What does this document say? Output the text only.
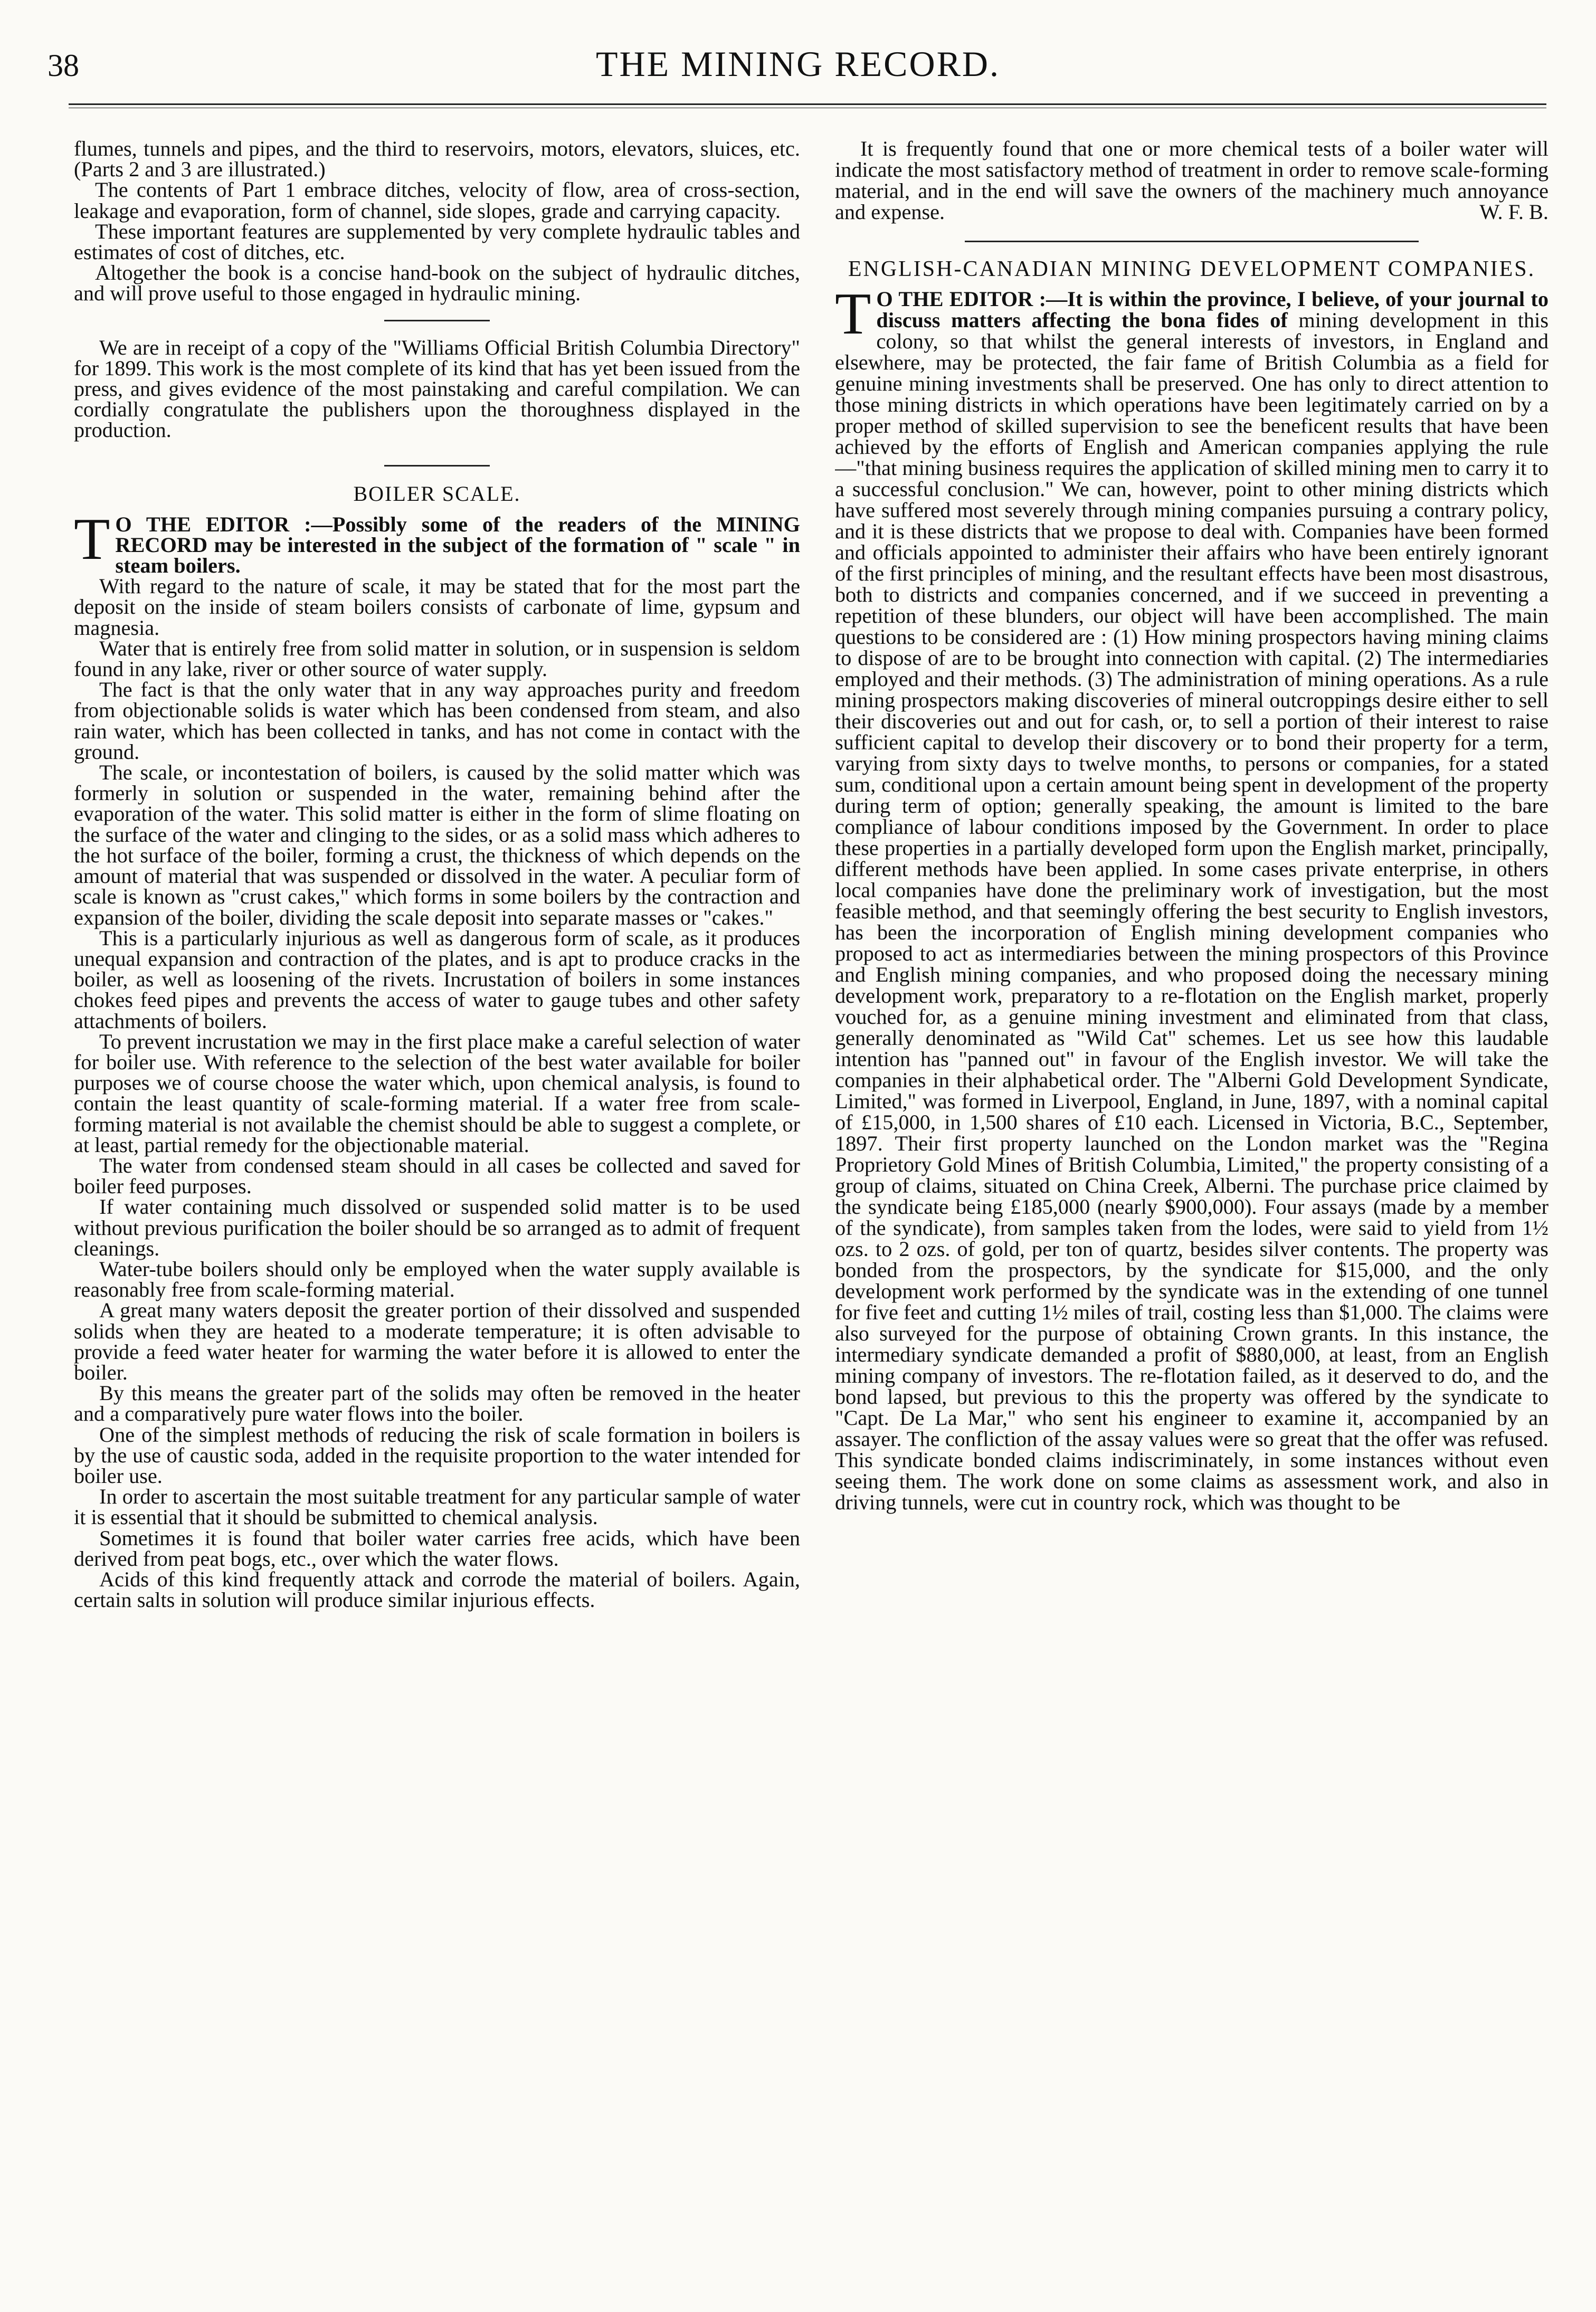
38	THE MINING RECORD.

flumes, tunnels and pipes, and the third to reservoirs, motors, elevators, sluices, etc. (Parts 2 and 3 are illustrated.)

The contents of Part 1 embrace ditches, velocity of flow, area of cross-section, leakage and evaporation, form of channel, side slopes, grade and carrying capacity.

These important features are supplemented by very complete hydraulic tables and estimates of cost of ditches, etc.

Altogether the book is a concise hand-book on the subject of hydraulic ditches, and will prove useful to those engaged in hydraulic mining.

We are in receipt of a copy of the "Williams Official British Columbia Directory" for 1899. This work is the most complete of its kind that has yet been issued from the press, and gives evidence of the most painstaking and careful compilation. We can cordially congratulate the publishers upon the thoroughness displayed in the production.

BOILER SCALE.

T O THE EDITOR :—Possibly some of the readers of the MINING RECORD may be interested in the subject of the formation of " scale " in steam boilers.

With regard to the nature of scale, it may be stated that for the most part the deposit on the inside of steam boilers consists of carbonate of lime, gypsum and magnesia.

Water that is entirely free from solid matter in solution, or in suspension is seldom found in any lake, river or other source of water supply.

The fact is that the only water that in any way approaches purity and freedom from objectionable solids is water which has been condensed from steam, and also rain water, which has been collected in tanks, and has not come in contact with the ground.

The scale, or incontestation of boilers, is caused by the solid matter which was formerly in solution or suspended in the water, remaining behind after the evaporation of the water. This solid matter is either in the form of slime floating on the surface of the water and clinging to the sides, or as a solid mass which adheres to the hot surface of the boiler, forming a crust, the thickness of which depends on the amount of material that was suspended or dissolved in the water. A peculiar form of scale is known as "crust cakes," which forms in some boilers by the contraction and expansion of the boiler, dividing the scale deposit into separate masses or "cakes."

This is a particularly injurious as well as dangerous form of scale, as it produces unequal expansion and contraction of the plates, and is apt to produce cracks in the boiler, as well as loosening of the rivets. Incrustation of boilers in some instances chokes feed pipes and prevents the access of water to gauge tubes and other safety attachments of boilers.

To prevent incrustation we may in the first place make a careful selection of water for boiler use. With reference to the selection of the best water available for boiler purposes we of course choose the water which, upon chemical analysis, is found to contain the least quantity of scale-forming material. If a water free from scale-forming material is not available the chemist should be able to suggest a complete, or at least, partial remedy for the objectionable material.

The water from condensed steam should in all cases be collected and saved for boiler feed purposes.

If water containing much dissolved or suspended solid matter is to be used without previous purification the boiler should be so arranged as to admit of frequent cleanings.

Water-tube boilers should only be employed when the water supply available is reasonably free from scale-forming material.

A great many waters deposit the greater portion of their dissolved and suspended solids when they are heated to a moderate temperature; it is often advisable to provide a feed water heater for warming the water before it is allowed to enter the boiler.

By this means the greater part of the solids may often be removed in the heater and a comparatively pure water flows into the boiler.

One of the simplest methods of reducing the risk of scale formation in boilers is by the use of caustic soda, added in the requisite proportion to the water intended for boiler use.

In order to ascertain the most suitable treatment for any particular sample of water it is essential that it should be submitted to chemical analysis.

Sometimes it is found that boiler water carries free acids, which have been derived from peat bogs, etc., over which the water flows.

Acids of this kind frequently attack and corrode the material of boilers. Again, certain salts in solution will produce similar injurious effects.

It is frequently found that one or more chemical tests of a boiler water will indicate the most satisfactory method of treatment in order to remove scale-forming material, and in the end will save the owners of the machinery much annoyance and expense.	W. F. B.

ENGLISH-CANADIAN MINING DEVELOPMENT COMPANIES.

T O THE EDITOR :—It is within the province, I believe, of your journal to discuss matters affecting the bona fides of mining development in this colony, so that whilst the general interests of investors, in England and elsewhere, may be protected, the fair fame of British Columbia as a field for genuine mining investments shall be preserved. One has only to direct attention to those mining districts in which operations have been legitimately carried on by a proper method of skilled supervision to see the beneficent results that have been achieved by the efforts of English and American companies applying the rule—"that mining business requires the application of skilled mining men to carry it to a successful conclusion." We can, however, point to other mining districts which have suffered most severely through mining companies pursuing a contrary policy, and it is these districts that we propose to deal with. Companies have been formed and officials appointed to administer their affairs who have been entirely ignorant of the first principles of mining, and the resultant effects have been most disastrous, both to districts and companies concerned, and if we succeed in preventing a repetition of these blunders, our object will have been accomplished. The main questions to be considered are : (1) How mining prospectors having mining claims to dispose of are to be brought into connection with capital. (2) The intermediaries employed and their methods. (3) The administration of mining operations. As a rule mining prospectors making discoveries of mineral outcroppings desire either to sell their discoveries out and out for cash, or, to sell a portion of their interest to raise sufficient capital to develop their discovery or to bond their property for a term, varying from sixty days to twelve months, to persons or companies, for a stated sum, conditional upon a certain amount being spent in development of the property during term of option; generally speaking, the amount is limited to the bare compliance of labour conditions imposed by the Government. In order to place these properties in a partially developed form upon the English market, principally, different methods have been applied. In some cases private enterprise, in others local companies have done the preliminary work of investigation, but the most feasible method, and that seemingly offering the best security to English investors, has been the incorporation of English mining development companies who proposed to act as intermediaries between the mining prospectors of this Province and English mining companies, and who proposed doing the necessary mining development work, preparatory to a re-flotation on the English market, properly vouched for, as a genuine mining investment and eliminated from that class, generally denominated as "Wild Cat" schemes. Let us see how this laudable intention has "panned out" in favour of the English investor. We will take the companies in their alphabetical order. The "Alberni Gold Development Syndicate, Limited," was formed in Liverpool, England, in June, 1897, with a nominal capital of £15,000, in 1,500 shares of £10 each. Licensed in Victoria, B.C., September, 1897. Their first property launched on the London market was the "Regina Proprietory Gold Mines of British Columbia, Limited," the property consisting of a group of claims, situated on China Creek, Alberni. The purchase price claimed by the syndicate being £185,000 (nearly $900,000). Four assays (made by a member of the syndicate), from samples taken from the lodes, were said to yield from 1½ ozs. to 2 ozs. of gold, per ton of quartz, besides silver contents. The property was bonded from the prospectors, by the syndicate for $15,000, and the only development work performed by the syndicate was in the extending of one tunnel for five feet and cutting 1½ miles of trail, costing less than $1,000. The claims were also surveyed for the purpose of obtaining Crown grants. In this instance, the intermediary syndicate demanded a profit of $880,000, at least, from an English mining company of investors. The re-flotation failed, as it deserved to do, and the bond lapsed, but previous to this the property was offered by the syndicate to "Capt. De La Mar," who sent his engineer to examine it, accompanied by an assayer. The confliction of the assay values were so great that the offer was refused. This syndicate bonded claims indiscriminately, in some instances without even seeing them. The work done on some claims as assessment work, and also in driving tunnels, were cut in country rock, which was thought to be
